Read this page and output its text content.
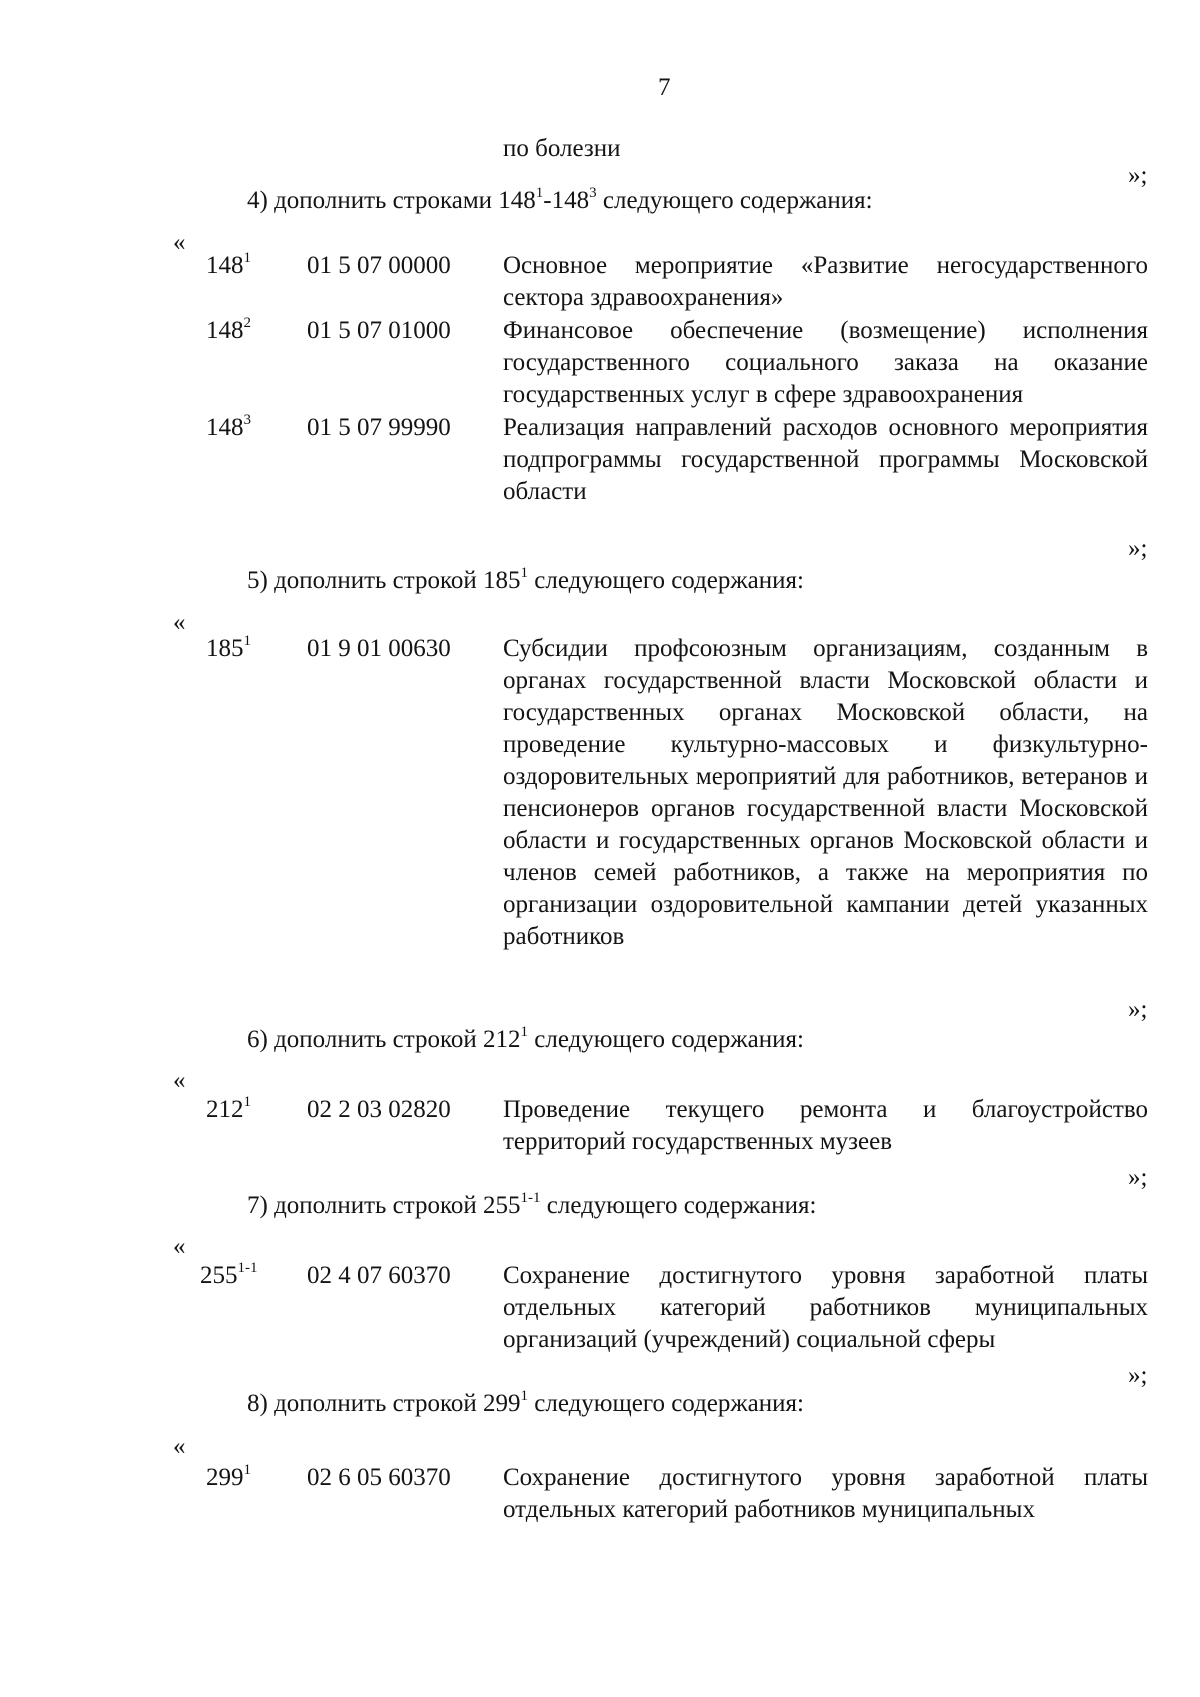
7
по болезни
»;
4) дополнить строками $148^1-148^3$ следующего содержания:
«
$148^1$ 01 5 07 00000 Основное мероприятие «Развитие негосударственного сектора здравоохранения»
$148^2$ 01 5 07 01000 Финансовое обеспечение (возмещение) исполнения государственного социального заказа на оказание государственных услуг в сфере здравоохранения
$148^3$ 01 5 07 99990 Реализация направлений расходов основного мероприятия подпрограммы государственной программы Московской области
»;
5) дополнить строкой $185^1$ следующего содержания:
«
$185^1$ 01 9 01 00630 Субсидии профсоюзным организациям, созданным в органах государственной власти Московской области и государственных органах Московской области, на проведение культурно-массовых и физкультурно-оздоровительных мероприятий для работников, ветеранов и пенсионеров органов государственной власти Московской области и государственных органов Московской области и членов семей работников, а также на мероприятия по организации оздоровительной кампании детей указанных работников
»;
6) дополнить строкой $212^1$ следующего содержания:
«
$212^1$ 02 2 03 02820 Проведение текущего ремонта и благоустройство территорий государственных музеев
»;
7) дополнить строкой 255$^{1-1}$ следующего содержания:
«
255$^{1-1}$ 02 4 07 60370 Сохранение достигнутого уровня заработной платы отдельных категорий работников муниципальных организаций (учреждений) социальной сферы
»;
8) дополнить строкой $299^1$ следующего содержания:
«
$299^1$ 02 6 05 60370 Сохранение достигнутого уровня заработной платы отдельных категорий работников муниципальных
